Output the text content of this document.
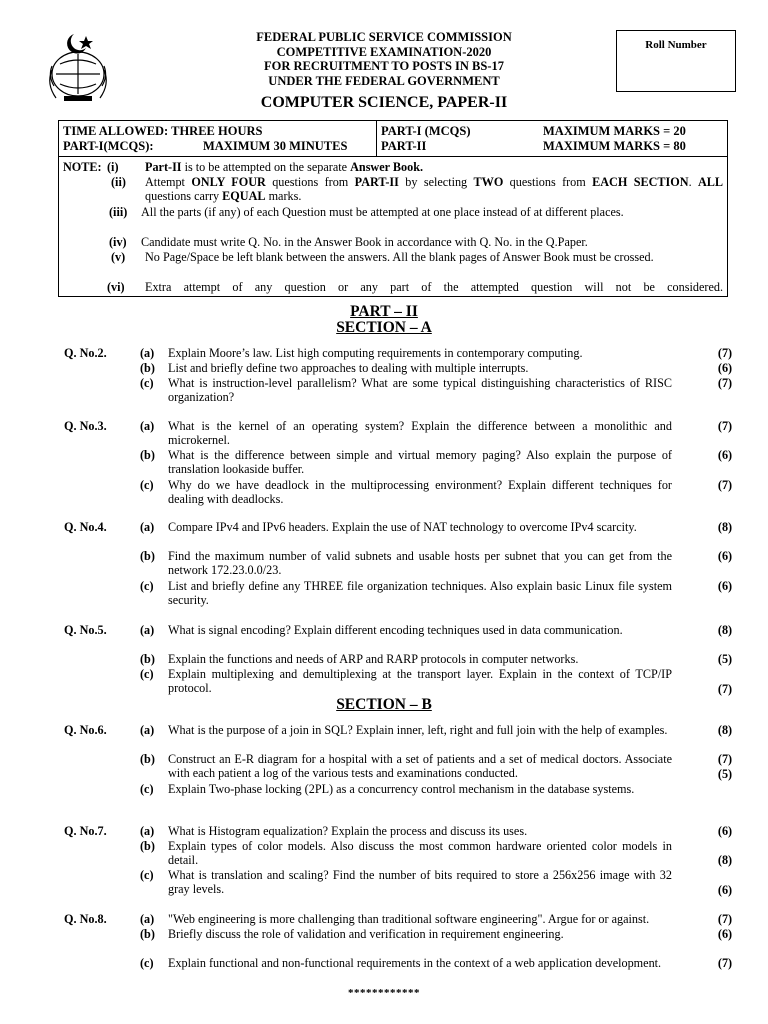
FEDERAL PUBLIC SERVICE COMMISSION
COMPETITIVE EXAMINATION-2020
FOR RECRUITMENT TO POSTS IN BS-17
UNDER THE FEDERAL GOVERNMENT
COMPUTER SCIENCE, PAPER-II
Roll Number
TIME ALLOWED: THREE HOURS	PART-I (MCQS)	MAXIMUM MARKS = 20
PART-I(MCQS):	MAXIMUM 30 MINUTES	PART-II	MAXIMUM MARKS = 80
NOTE: (i) Part-II is to be attempted on the separate Answer Book.
(ii) Attempt ONLY FOUR questions from PART-II by selecting TWO questions from EACH SECTION. ALL questions carry EQUAL marks.
(iii) All the parts (if any) of each Question must be attempted at one place instead of at different places.
(iv) Candidate must write Q. No. in the Answer Book in accordance with Q. No. in the Q.Paper.
(v) No Page/Space be left blank between the answers. All the blank pages of Answer Book must be crossed.
(vi) Extra attempt of any question or any part of the attempted question will not be considered.
PART – II
SECTION – A
SECTION – B
Q. No.2.	(a) Explain Moore’s law. List high computing requirements in contemporary computing.	(7)
(b) List and briefly define two approaches to dealing with multiple interrupts.	(6)
(c) What is instruction-level parallelism? What are some typical distinguishing characteristics of RISC organization?
(7)
Q. No.3.	(a) What is the kernel of an operating system? Explain the difference between a monolithic and microkernel.
(7)
(b) What is the difference between simple and virtual memory paging? Also explain the purpose of translation lookaside buffer.
(6)
(c) Why do we have deadlock in the multiprocessing environment? Explain different techniques for dealing with deadlocks.
(7)
Q. No.4.	(a) Compare IPv4 and IPv6 headers. Explain the use of NAT technology to overcome IPv4 scarcity.	(8)
(b) Find the maximum number of valid subnets and usable hosts per subnet that you can get from the network 172.23.0.0/23.
(6)
(c) List and briefly define any THREE file organization techniques. Also explain basic Linux file system security.
(6)
Q. No.5.	(a) What is signal encoding? Explain different encoding techniques used in data communication.	(8)
(b) Explain the functions and needs of ARP and RARP protocols in computer networks.	(5)
(c) Explain multiplexing and demultiplexing at the transport layer. Explain in the context of TCP/IP protocol.	(7)
Q. No.6.	(a) What is the purpose of a join in SQL? Explain inner, left, right and full join with the help of examples.	(8)
(b) Construct an E-R diagram for a hospital with a set of patients and a set of medical doctors. Associate with each patient a log of the various tests and examinations conducted.
(7)
(c) Explain Two-phase locking (2PL) as a concurrency control mechanism in the database systems.
(5)
Q. No.7.	(a) What is Histogram equalization? Explain the process and discuss its uses.	(6)
(b) Explain types of color models. Also discuss the most common hardware oriented color models in detail.	(8)
(c) What is translation and scaling? Find the number of bits required to store a 256x256 image with 32 gray levels.	(6)
Q. No.8.	(a) "Web engineering is more challenging than traditional software engineering". Argue for or against.	(7)
(b) Briefly discuss the role of validation and verification in requirement engineering.	(6)
(c) Explain functional and non-functional requirements in the context of a web application development.	(7)
************
